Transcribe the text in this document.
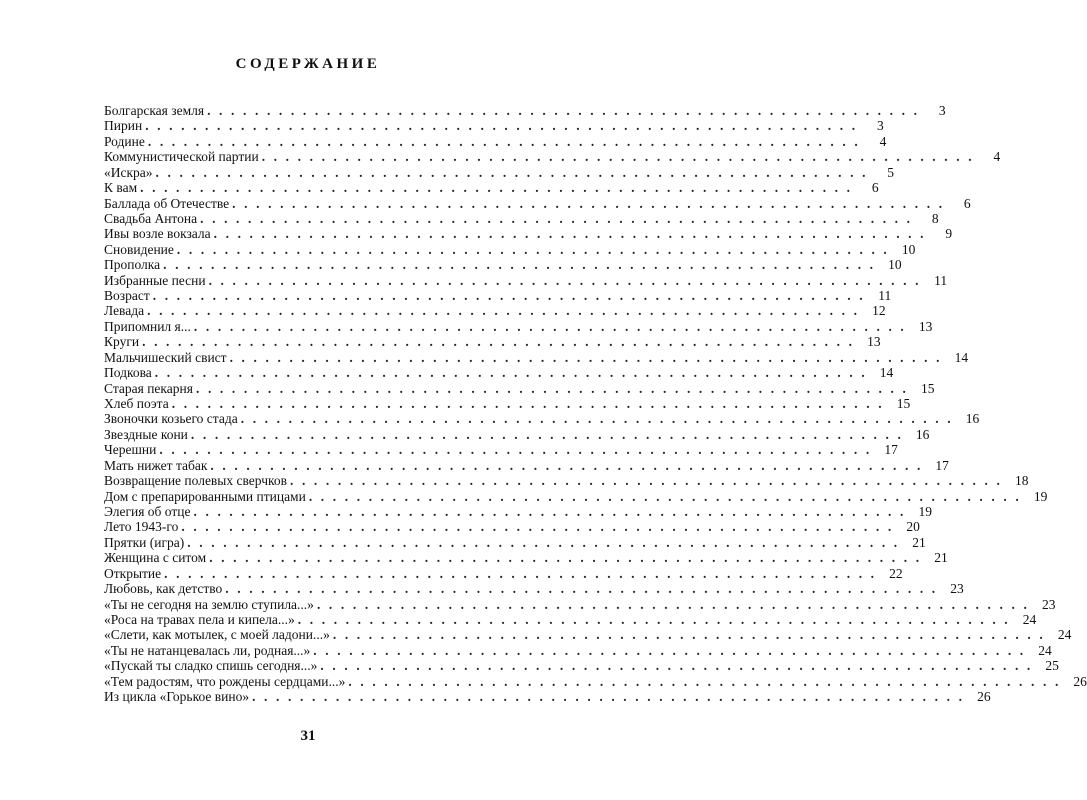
СОДЕРЖАНИЕ
Болгарская земля ............................................................ 3
Пирин ............................................................ 3
Родине ............................................................ 4
Коммунистической партии ............................................................ 4
«Искра» ............................................................ 5
К вам ............................................................ 6
Баллада об Отечестве ............................................................ 6
Свадьба Антона ............................................................ 8
Ивы возле вокзала ............................................................ 9
Сновидение ............................................................ 10
Прополка ............................................................ 10
Избранные песни ............................................................ 11
Возраст ............................................................ 11
Левада ............................................................ 12
Припомнил я... ............................................................ 13
Круги ............................................................ 13
Мальчишеский свист ............................................................ 14
Подкова ............................................................ 14
Старая пекарня ............................................................ 15
Хлеб поэта ............................................................ 15
Звоночки козьего стада ............................................................ 16
Звездные кони ............................................................ 16
Черешни ............................................................ 17
Мать нижет табак ............................................................ 17
Возвращение полевых сверчков ............................................................ 18
Дом с препарированными птицами ............................................................ 19
Элегия об отце ............................................................ 19
Лето 1943-го ............................................................ 20
Прятки (игра) ............................................................ 21
Женщина с ситом ............................................................ 21
Открытие ............................................................ 22
Любовь, как детство ............................................................ 23
«Ты не сегодня на землю ступила...» ............................................................ 23
«Роса на травах пела и кипела...» ............................................................ 24
«Слети, как мотылек, с моей ладони...» ............................................................ 24
«Ты не натанцевалась ли, родная...» ............................................................ 24
«Пускай ты сладко спишь сегодня...» ............................................................ 25
«Тем радостям, что рождены сердцами...» ............................................................ 26
Из цикла «Горькое вино» ............................................................ 26
31
